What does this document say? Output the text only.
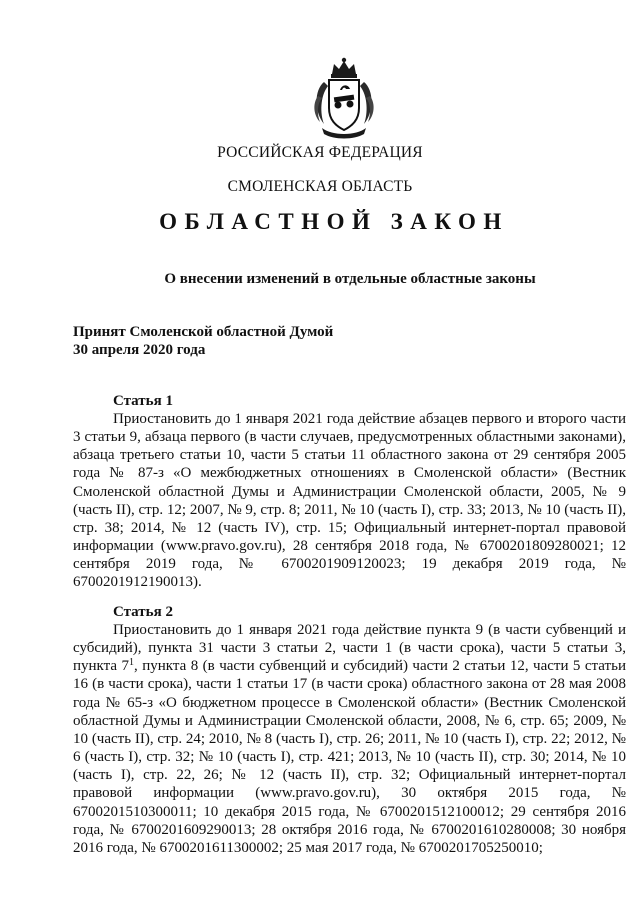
РОССИЙСКАЯ ФЕДЕРАЦИЯ
СМОЛЕНСКАЯ ОБЛАСТЬ
ОБЛАСТНОЙ ЗАКОН
О внесении изменений в отдельные областные законы
Принят Смоленской областной Думой
30 апреля 2020 года
Статья 1
Приостановить до 1 января 2021 года действие абзацев первого и второго части 3 статьи 9, абзаца первого (в части случаев, предусмотренных областными законами), абзаца третьего статьи 10, части 5 статьи 11 областного закона от 29 сентября 2005 года № 87-з «О межбюджетных отношениях в Смоленской области» (Вестник Смоленской областной Думы и Администрации Смоленской области, 2005, № 9 (часть II), стр. 12; 2007, № 9, стр. 8; 2011, № 10 (часть I), стр. 33; 2013, № 10 (часть II), стр. 38; 2014, № 12 (часть IV), стр. 15; Официальный интернет-портал правовой информации (www.pravo.gov.ru), 28 сентября 2018 года, № 6700201809280021; 12 сентября 2019 года, № 6700201909120023; 19 декабря 2019 года, № 6700201912190013).
Статья 2
Приостановить до 1 января 2021 года действие пункта 9 (в части субвенций и субсидий), пункта 31 части 3 статьи 2, части 1 (в части срока), части 5 статьи 3, пункта $7^1$, пункта 8 (в части субвенций и субсидий) части 2 статьи 12, части 5 статьи 16 (в части срока), части 1 статьи 17 (в части срока) областного закона от 28 мая 2008 года № 65-з «О бюджетном процессе в Смоленской области» (Вестник Смоленской областной Думы и Администрации Смоленской области, 2008, № 6, стр. 65; 2009, № 10 (часть II), стр. 24; 2010, № 8 (часть I), стр. 26; 2011, № 10 (часть I), стр. 22; 2012, № 6 (часть I), стр. 32; № 10 (часть I), стр. 421; 2013, № 10 (часть II), стр. 30; 2014, № 10 (часть I), стр. 22, 26; № 12 (часть II), стр. 32; Официальный интернет-портал правовой информации (www.pravo.gov.ru), 30 октября 2015 года, № 6700201510300011; 10 декабря 2015 года, № 6700201512100012; 29 сентября 2016 года, № 6700201609290013; 28 октября 2016 года, № 6700201610280008; 30 ноября 2016 года, № 6700201611300002; 25 мая 2017 года, № 6700201705250010;
